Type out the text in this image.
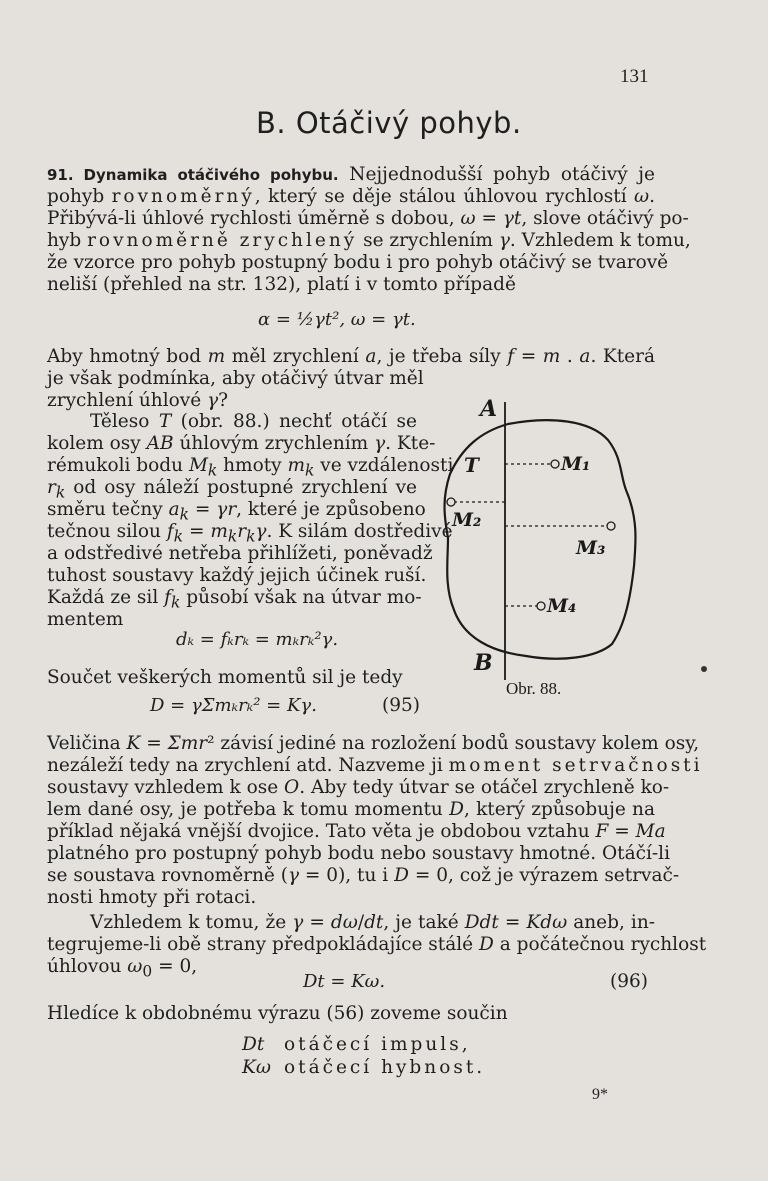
131
B. Otáčivý pohyb.
91. Dynamika otáčivého pohybu. Nejjednodušší pohyb otáčivý je
pohyb rovnoměrný, který se děje stálou úhlovou rychlostí ω.
Přibývá-li úhlové rychlosti úměrně s dobou, ω = γt, slove otáčivý po-
hyb rovnoměrně zrychlený se zrychlením γ. Vzhledem k tomu,
že vzorce pro pohyb postupný bodu i pro pohyb otáčivý se tvarově
neliší (přehled na str. 132), platí i v tomto případě
α = ½γt², ω = γt.
Aby hmotný bod m měl zrychlení a, je třeba síly f = m . a. Která
je však podmínka, aby otáčivý útvar měl
zrychlení úhlové γ?
Těleso T (obr. 88.) nechť otáčí se
kolem osy AB úhlovým zrychlením γ. Kte-
rémukoli bodu $M_k$ hmoty $m_k$ ve vzdálenosti
$r_k$ od osy náleží postupné zrychlení ve
směru tečny $a_k = \gamma r$, které je způsobeno
tečnou silou $f_k = m_kr_k\gamma$. K silám dostředivé
a odstředivé netřeba přihlížeti, poněvadž
tuhost soustavy každý jejich účinek ruší.
Každá ze sil $f_k$ působí však na útvar mo-
mentem
dₖ = fₖrₖ = mₖrₖ²γ.
Součet veškerých momentů sil je tedy
D = γΣmₖrₖ² = Kγ.	(95)
Veličina K = Σmr² závisí jediné na rozložení bodů soustavy kolem osy,
nezáleží tedy na zrychlení atd. Nazveme ji moment setrvačnosti
soustavy vzhledem k ose O. Aby tedy útvar se otáčel zrychleně ko-
lem dané osy, je potřeba k tomu momentu D, který způsobuje na
příklad nějaká vnější dvojice. Tato věta je obdobou vztahu F = Ma
platného pro postupný pohyb bodu nebo soustavy hmotné. Otáčí-li
se soustava rovnoměrně (γ = 0), tu i D = 0, což je výrazem setrvač-
nosti hmoty při rotaci.
Vzhledem k tomu, že γ = dω/dt, je také Ddt = Kdω aneb, in-
tegrujeme-li obě strany předpokládajíce stálé D a počátečnou rychlost
úhlovou $\omega_0 = 0$,
Dt = Kω.	(96)
Hledíce k obdobnému výrazu (56) zoveme součin
Dt otáčecí impuls,
Kω otáčecí hybnost.
9*
A
B
T	M₁
M₂
M₃
M₄
Obr. 88.
